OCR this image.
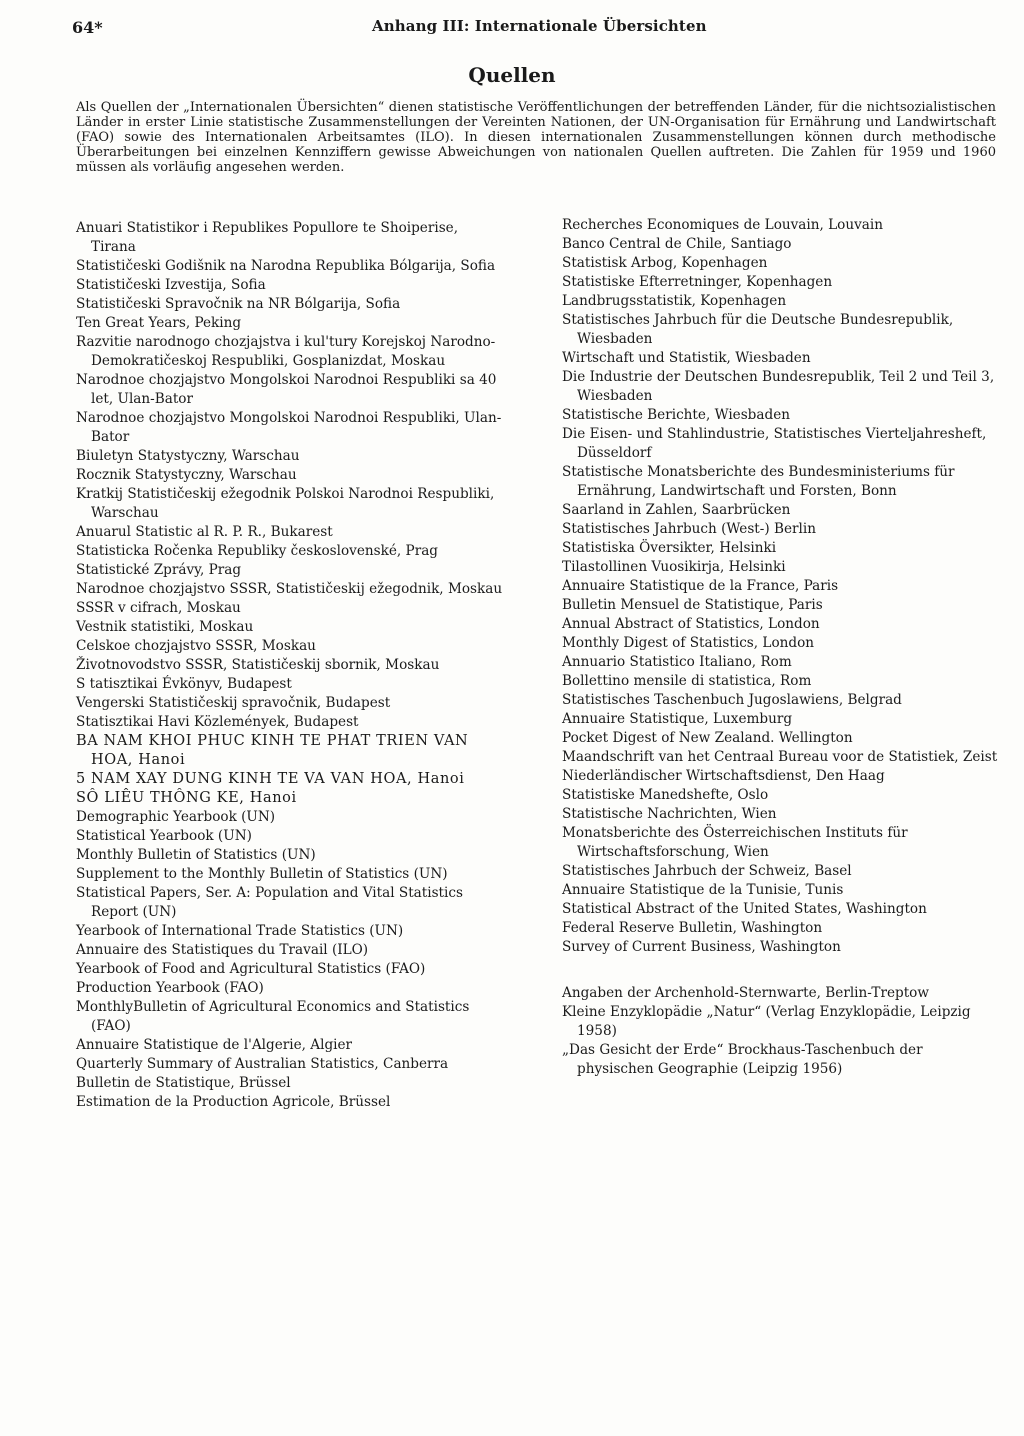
64*	Anhang III: Internationale Übersichten
Quellen

Als Quellen der „Internationalen Übersichten“ dienen statistische Veröffentlichungen der betreffenden Länder, für die nichtsozialistischen Länder in erster Linie statistische Zusammenstellungen der Vereinten Nationen, der UN-Organisation für Ernährung und Landwirtschaft (FAO) sowie des Internationalen Arbeitsamtes (ILO). In diesen internationalen Zusammenstellungen können durch methodische Überarbeitungen bei einzelnen Kennziffern gewisse Abweichungen von nationalen Quellen auftreten. Die Zahlen für 1959 und 1960 müssen als vorläufig angesehen werden.

Anuari Statistikor i Republikes Popullore te Shoiperise, Tirana

Statističeski Godišnik na Narodna Republika Bólgarija, Sofia

Statističeski Izvestija, Sofia

Statističeski Spravočnik na NR Bólgarija, Sofia

Ten Great Years, Peking

Razvitie narodnogo chozjajstva i kul'tury Korejskoj Narodno-Demokratičeskoj Respubliki, Gosplanizdat, Moskau

Narodnoe chozjajstvo Mongolskoi Narodnoi Respubliki sa 40 let, Ulan-Bator

Narodnoe chozjajstvo Mongolskoi Narodnoi Respubliki, Ulan-Bator

Biuletyn Statystyczny, Warschau

Rocznik Statystyczny, Warschau

Kratkij Statističeskij ežegodnik Polskoi Narodnoi Respubliki, Warschau

Anuarul Statistic al R. P. R., Bukarest

Statisticka Ročenka Republiky československé, Prag

Statistické Zprávy, Prag

Narodnoe chozjajstvo SSSR, Statističeskij ežegodnik, Moskau

SSSR v cifrach, Moskau

Vestnik statistiki, Moskau

Celskoe chozjajstvo SSSR, Moskau

Životnovodstvo SSSR, Statističeskij sbornik, Moskau

S tatisztikai Évkönyv, Budapest

Vengerski Statističeskij spravočnik, Budapest

Statisztikai Havi Közlemények, Budapest

BA NAM KHOI PHUC KINH TE PHAT TRIEN VAN HOA, Hanoi

5 NAM XAY DUNG KINH TE VA VAN HOA, Hanoi

SÔ LIÊU THÔNG KE, Hanoi

Demographic Yearbook (UN)

Statistical Yearbook (UN)

Monthly Bulletin of Statistics (UN)

Supplement to the Monthly Bulletin of Statistics (UN)

Statistical Papers, Ser. A: Population and Vital Statistics Report (UN)

Yearbook of International Trade Statistics (UN)

Annuaire des Statistiques du Travail (ILO)

Yearbook of Food and Agricultural Statistics (FAO)

Production Yearbook (FAO)

MonthlyBulletin of Agricultural Economics and Statistics (FAO)

Annuaire Statistique de l'Algerie, Algier

Quarterly Summary of Australian Statistics, Canberra

Bulletin de Statistique, Brüssel

Estimation de la Production Agricole, Brüssel

Recherches Economiques de Louvain, Louvain

Banco Central de Chile, Santiago

Statistisk Arbog, Kopenhagen

Statistiske Efterretninger, Kopenhagen

Landbrugsstatistik, Kopenhagen

Statistisches Jahrbuch für die Deutsche Bundesrepublik, Wiesbaden

Wirtschaft und Statistik, Wiesbaden

Die Industrie der Deutschen Bundesrepublik, Teil 2 und Teil 3, Wiesbaden

Statistische Berichte, Wiesbaden

Die Eisen- und Stahlindustrie, Statistisches Vierteljahresheft, Düsseldorf

Statistische Monatsberichte des Bundesministeriums für Ernährung, Landwirtschaft und Forsten, Bonn

Saarland in Zahlen, Saarbrücken

Statistisches Jahrbuch (West-) Berlin

Statistiska Översikter, Helsinki

Tilastollinen Vuosikirja, Helsinki

Annuaire Statistique de la France, Paris

Bulletin Mensuel de Statistique, Paris

Annual Abstract of Statistics, London

Monthly Digest of Statistics, London

Annuario Statistico Italiano, Rom

Bollettino mensile di statistica, Rom

Statistisches Taschenbuch Jugoslawiens, Belgrad

Annuaire Statistique, Luxemburg

Pocket Digest of New Zealand. Wellington

Maandschrift van het Centraal Bureau voor de Statistiek, Zeist

Niederländischer Wirtschaftsdienst, Den Haag

Statistiske Manedshefte, Oslo

Statistische Nachrichten, Wien

Monatsberichte des Österreichischen Instituts für Wirtschaftsforschung, Wien

Statistisches Jahrbuch der Schweiz, Basel

Annuaire Statistique de la Tunisie, Tunis

Statistical Abstract of the United States, Washington

Federal Reserve Bulletin, Washington

Survey of Current Business, Washington

Angaben der Archenhold-Sternwarte, Berlin-Treptow

Kleine Enzyklopädie „Natur“ (Verlag Enzyklopädie, Leipzig 1958)

„Das Gesicht der Erde“ Brockhaus-Taschenbuch der physischen Geographie (Leipzig 1956)
